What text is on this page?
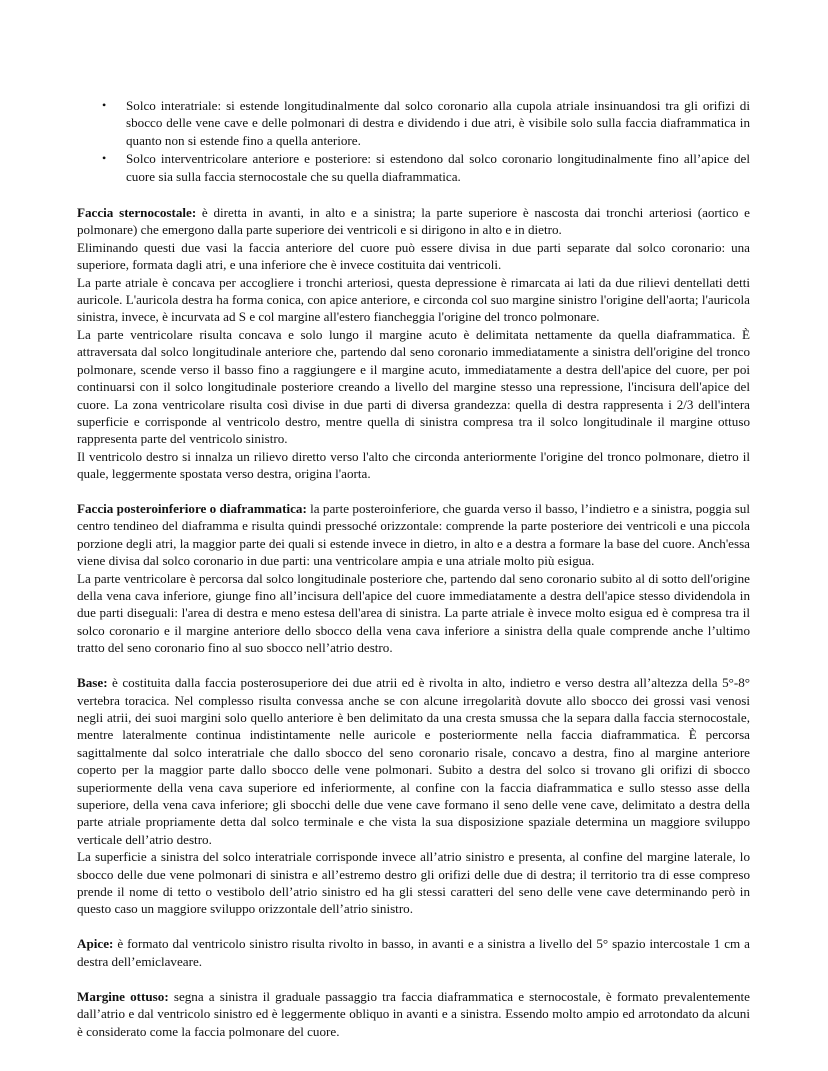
• Solco interatriale: si estende longitudinalmente dal solco coronario alla cupola atriale insinuandosi tra gli orifizi di sbocco delle vene cave e delle polmonari di destra e dividendo i due atri, è visibile solo sulla faccia diaframmatica in quanto non si estende fino a quella anteriore.
• Solco interventricolare anteriore e posteriore: si estendono dal solco coronario longitudinalmente fino all’apice del cuore sia sulla faccia sternocostale che su quella diaframmatica.

Faccia sternocostale: è diretta in avanti, in alto e a sinistra; la parte superiore è nascosta dai tronchi arteriosi (aortico e polmonare) che emergono dalla parte superiore dei ventricoli e si dirigono in alto e in dietro.

Eliminando questi due vasi la faccia anteriore del cuore può essere divisa in due parti separate dal solco coronario: una superiore, formata dagli atri, e una inferiore che è invece costituita dai ventricoli.

La parte atriale è concava per accogliere i tronchi arteriosi, questa depressione è rimarcata ai lati da due rilievi dentellati detti auricole. L'auricola destra ha forma conica, con apice anteriore, e circonda col suo margine sinistro l'origine dell'aorta; l'auricola sinistra, invece, è incurvata ad S e col margine all'estero fiancheggia l'origine del tronco polmonare.

La parte ventricolare risulta concava e solo lungo il margine acuto è delimitata nettamente da quella diaframmatica. È attraversata dal solco longitudinale anteriore che, partendo dal seno coronario immediatamente a sinistra dell'origine del tronco polmonare, scende verso il basso fino a raggiungere e il margine acuto, immediatamente a destra dell'apice del cuore, per poi continuarsi con il solco longitudinale posteriore creando a livello del margine stesso una repressione, l'incisura dell'apice del cuore. La zona ventricolare risulta così divise in due parti di diversa grandezza: quella di destra rappresenta i 2/3 dell'intera superficie e corrisponde al ventricolo destro, mentre quella di sinistra compresa tra il solco longitudinale il margine ottuso rappresenta parte del ventricolo sinistro.

Il ventricolo destro si innalza un rilievo diretto verso l'alto che circonda anteriormente l'origine del tronco polmonare, dietro il quale, leggermente spostata verso destra, origina l'aorta.

Faccia posteroinferiore o diaframmatica: la parte posteroinferiore, che guarda verso il basso, l’indietro e a sinistra, poggia sul centro tendineo del diaframma e risulta quindi pressoché orizzontale: comprende la parte posteriore dei ventricoli e una piccola porzione degli atri, la maggior parte dei quali si estende invece in dietro, in alto e a destra a formare la base del cuore. Anch'essa viene divisa dal solco coronario in due parti: una ventricolare ampia e una atriale molto più esigua.

La parte ventricolare è percorsa dal solco longitudinale posteriore che, partendo dal seno coronario subito al di sotto dell'origine della vena cava inferiore, giunge fino all’incisura dell'apice del cuore immediatamente a destra dell'apice stesso dividendola in due parti diseguali: l'area di destra e meno estesa dell'area di sinistra. La parte atriale è invece molto esigua ed è compresa tra il solco coronario e il margine anteriore dello sbocco della vena cava inferiore a sinistra della quale comprende anche l’ultimo tratto del seno coronario fino al suo sbocco nell’atrio destro.

Base: è costituita dalla faccia posterosuperiore dei due atrii ed è rivolta in alto, indietro e verso destra all’altezza della 5°-8° vertebra toracica. Nel complesso risulta convessa anche se con alcune irregolarità dovute allo sbocco dei grossi vasi venosi negli atrii, dei suoi margini solo quello anteriore è ben delimitato da una cresta smussa che la separa dalla faccia sternocostale, mentre lateralmente continua indistintamente nelle auricole e posteriormente nella faccia diaframmatica. È percorsa sagittalmente dal solco interatriale che dallo sbocco del seno coronario risale, concavo a destra, fino al margine anteriore coperto per la maggior parte dallo sbocco delle vene polmonari. Subito a destra del solco si trovano gli orifizi di sbocco superiormente della vena cava superiore ed inferiormente, al confine con la faccia diaframmatica e sullo stesso asse della superiore, della vena cava inferiore; gli sbocchi delle due vene cave formano il seno delle vene cave, delimitato a destra della parte atriale propriamente detta dal solco terminale e che vista la sua disposizione spaziale determina un maggiore sviluppo verticale dell’atrio destro.

La superficie a sinistra del solco interatriale corrisponde invece all’atrio sinistro e presenta, al confine del margine laterale, lo sbocco delle due vene polmonari di sinistra e all’estremo destro gli orifizi delle due di destra; il territorio tra di esse compreso prende il nome di tetto o vestibolo dell’atrio sinistro ed ha gli stessi caratteri del seno delle vene cave determinando però in questo caso un maggiore sviluppo orizzontale dell’atrio sinistro.

Apice: è formato dal ventricolo sinistro risulta rivolto in basso, in avanti e a sinistra a livello del 5° spazio intercostale 1 cm a destra dell’emiclaveare.

Margine ottuso: segna a sinistra il graduale passaggio tra faccia diaframmatica e sternocostale, è formato prevalentemente dall’atrio e dal ventricolo sinistro ed è leggermente obliquo in avanti e a sinistra. Essendo molto ampio ed arrotondato da alcuni è considerato come la faccia polmonare del cuore.
